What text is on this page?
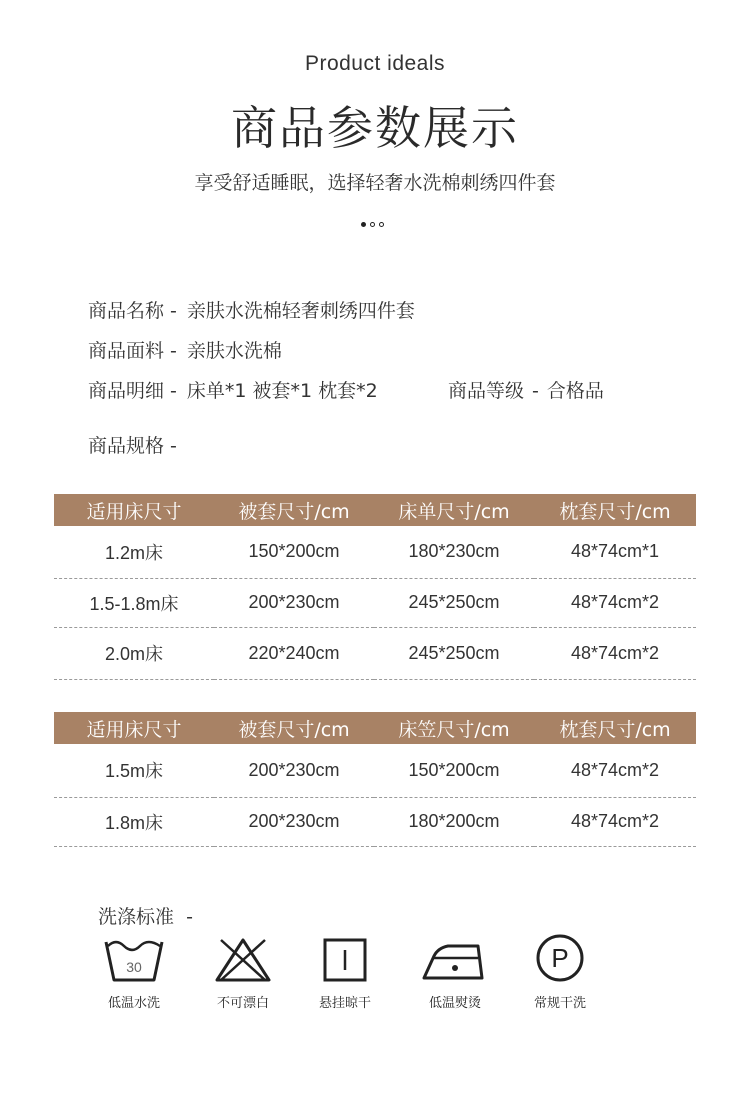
Product ideals
商品参数展示
享受舒适睡眠，选择轻奢水洗棉刺绣四件套
商品名称 - 亲肤水洗棉轻奢刺绣四件套
商品面料 - 亲肤水洗棉
商品明细 - 床单*1 被套*1 枕套*2	商品等级 - 合格品
商品规格 -
适用床尺寸	被套尺寸/cm	床单尺寸/cm	枕套尺寸/cm
1.2m床	150*200cm	180*230cm	48*74cm*1
1.5-1.8m床	200*230cm	245*250cm	48*74cm*2
2.0m床	220*240cm	245*250cm	48*74cm*2
适用床尺寸	被套尺寸/cm	床笠尺寸/cm	枕套尺寸/cm
1.5m床	200*230cm	150*200cm	48*74cm*2
1.8m床	200*230cm	180*200cm	48*74cm*2
洗涤标准 -
30
低温水洗	不可漂白	悬挂晾干	低温熨烫
P
常规干洗
